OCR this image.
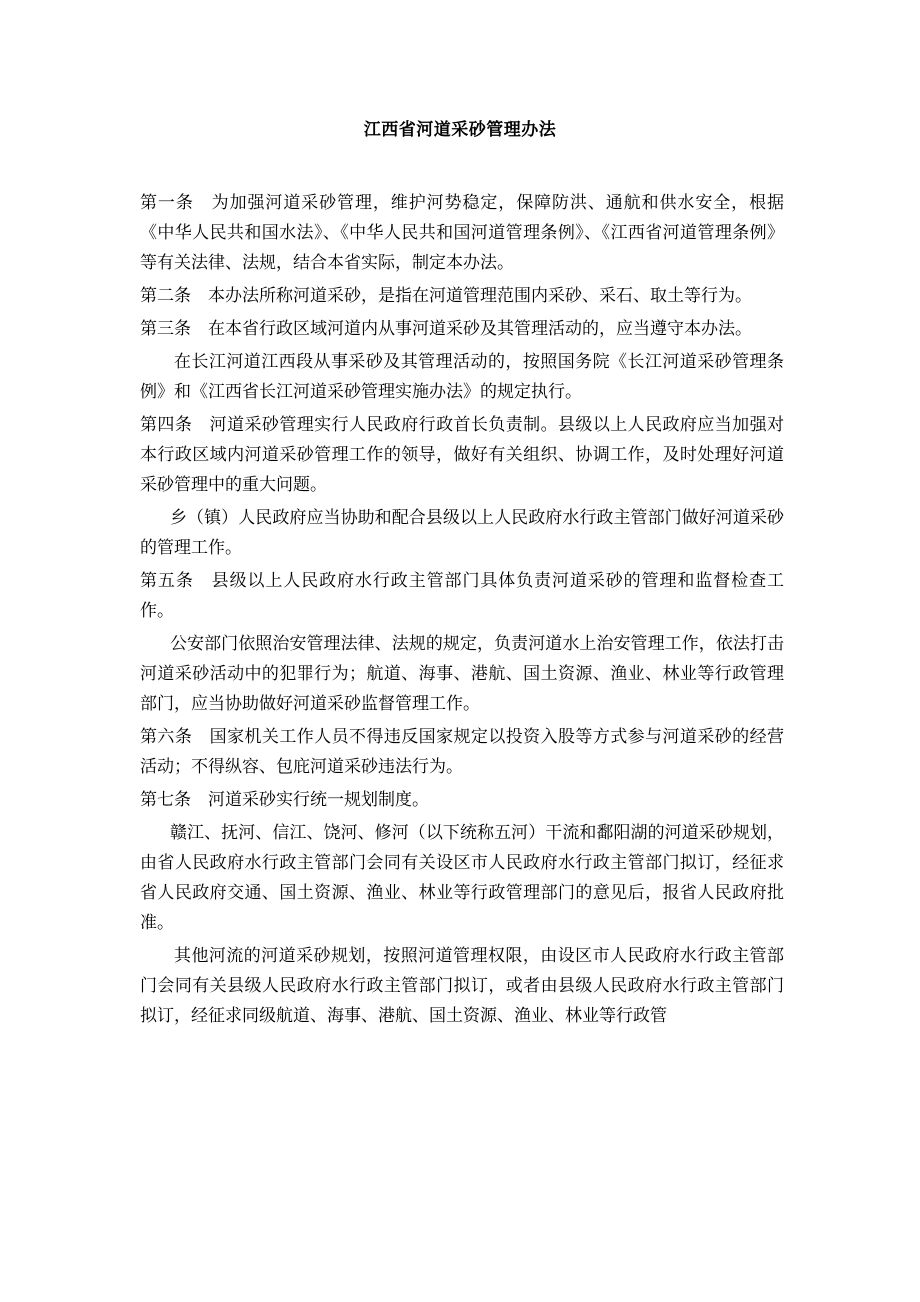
江西省河道采砂管理办法

第一条　为加强河道采砂管理，维护河势稳定，保障防洪、通航和供水安全，根据《中华人民共和国水法》、《中华人民共和国河道管理条例》、《江西省河道管理条例》等有关法律、法规，结合本省实际，制定本办法。

第二条　本办法所称河道采砂，是指在河道管理范围内采砂、采石、取土等行为。

第三条　在本省行政区域河道内从事河道采砂及其管理活动的，应当遵守本办法。

在长江河道江西段从事采砂及其管理活动的，按照国务院《长江河道采砂管理条例》和《江西省长江河道采砂管理实施办法》的规定执行。

第四条　河道采砂管理实行人民政府行政首长负责制。县级以上人民政府应当加强对本行政区域内河道采砂管理工作的领导，做好有关组织、协调工作，及时处理好河道采砂管理中的重大问题。

乡（镇）人民政府应当协助和配合县级以上人民政府水行政主管部门做好河道采砂的管理工作。

第五条　县级以上人民政府水行政主管部门具体负责河道采砂的管理和监督检查工作。

公安部门依照治安管理法律、法规的规定，负责河道水上治安管理工作，依法打击河道采砂活动中的犯罪行为；航道、海事、港航、国土资源、渔业、林业等行政管理部门，应当协助做好河道采砂监督管理工作。

第六条　国家机关工作人员不得违反国家规定以投资入股等方式参与河道采砂的经营活动；不得纵容、包庇河道采砂违法行为。

第七条　河道采砂实行统一规划制度。

赣江、抚河、信江、饶河、修河（以下统称五河）干流和鄱阳湖的河道采砂规划，由省人民政府水行政主管部门会同有关设区市人民政府水行政主管部门拟订，经征求省人民政府交通、国土资源、渔业、林业等行政管理部门的意见后，报省人民政府批准。

其他河流的河道采砂规划，按照河道管理权限，由设区市人民政府水行政主管部门会同有关县级人民政府水行政主管部门拟订，或者由县级人民政府水行政主管部门拟订，经征求同级航道、海事、港航、国土资源、渔业、林业等行政管
